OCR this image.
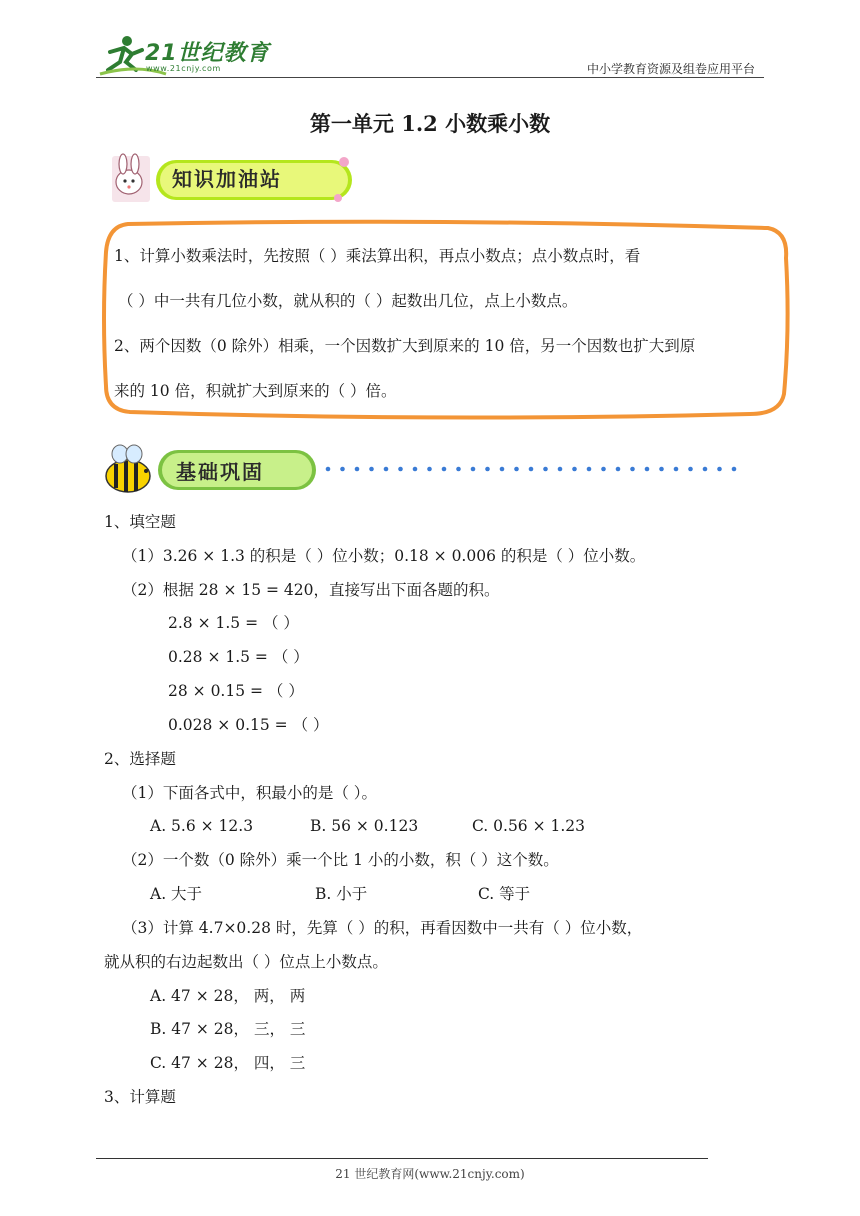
21世纪教育
www.21cnjy.com	中小学教育资源及组卷应用平台
第一单元 1.2 小数乘小数
知识加油站
1、计算小数乘法时，先按照（ ）乘法算出积，再点小数点；点小数点时，看
（ ）中一共有几位小数，就从积的（ ）起数出几位，点上小数点。
2、两个因数（0 除外）相乘，一个因数扩大到原来的 10 倍，另一个因数也扩大到原
来的 10 倍，积就扩大到原来的（ ）倍。
基础巩固
1、填空题
（1）3.26 × 1.3 的积是（ ）位小数；0.18 × 0.006 的积是（ ）位小数。
（2）根据 28 × 15 = 420，直接写出下面各题的积。
2.8 × 1.5 = （ ）
0.28 × 1.5 = （ ）
28 × 0.15 = （ ）
0.028 × 0.15 = （ ）
2、选择题
（1）下面各式中，积最小的是（ ）。
A. 5.6 × 12.3	B. 56 × 0.123	C. 0.56 × 1.23
（2）一个数（0 除外）乘一个比 1 小的小数，积（ ）这个数。
A. 大于	B. 小于	C. 等于
（3）计算 4.7×0.28 时，先算（ ）的积，再看因数中一共有（ ）位小数，
就从积的右边起数出（ ）位点上小数点。
A. 47 × 28， 两， 两
B. 47 × 28， 三， 三
C. 47 × 28， 四， 三
3、计算题
21 世纪教育网(www.21cnjy.com)
